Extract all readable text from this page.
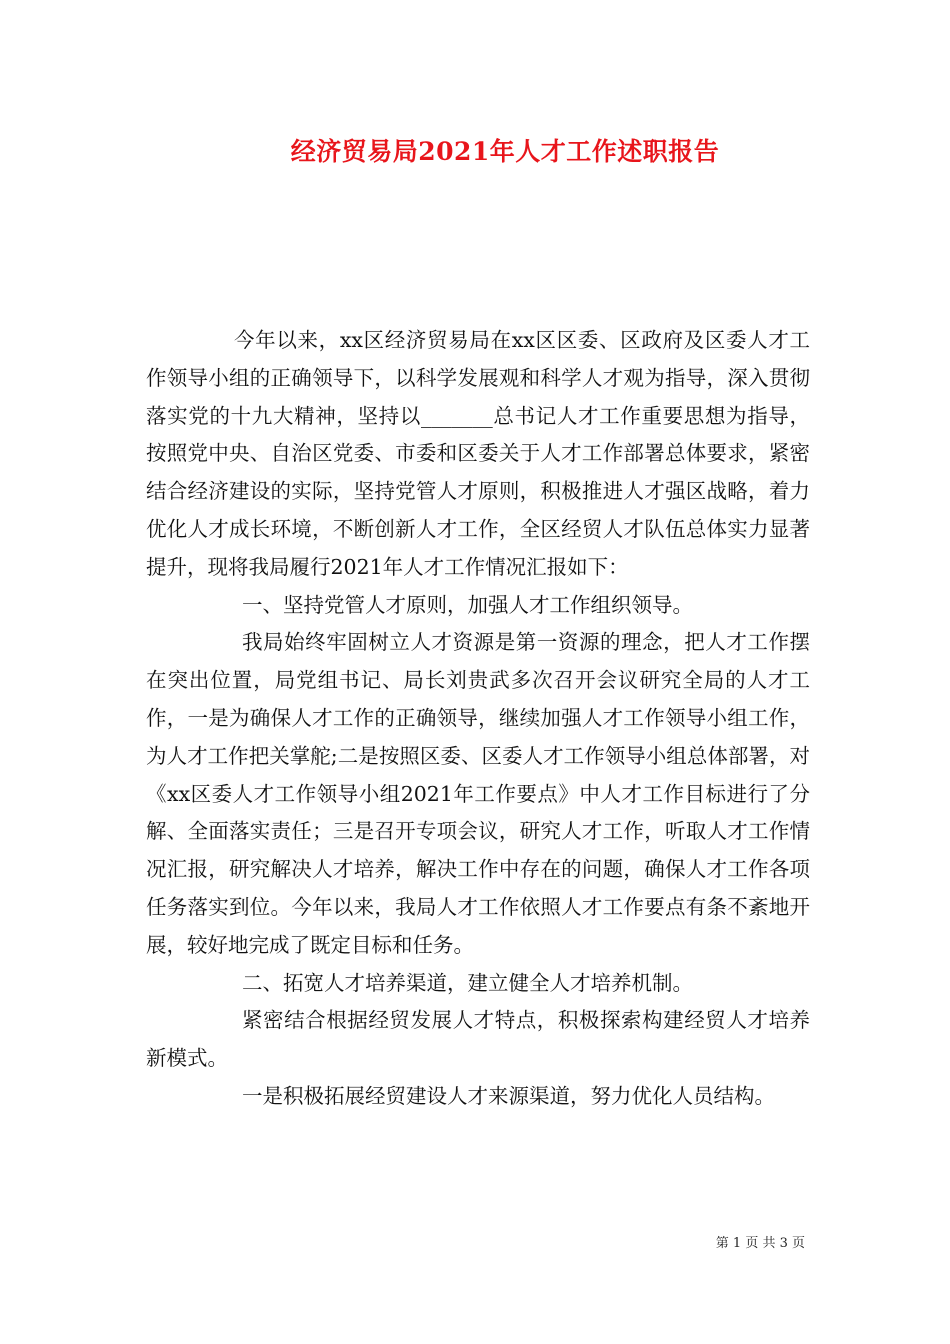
经济贸易局2021年人才工作述职报告

今年以来，xx区经济贸易局在xx区区委、区政府及区委人才工作领导小组的正确领导下，以科学发展观和科学人才观为指导，深入贯彻落实党的十九大精神，坚持以_______总书记人才工作重要思想为指导，按照党中央、自治区党委、市委和区委关于人才工作部署总体要求，紧密结合经济建设的实际，坚持党管人才原则，积极推进人才强区战略，着力优化人才成长环境，不断创新人才工作，全区经贸人才队伍总体实力显著提升，现将我局履行2021年人才工作情况汇报如下：

一、坚持党管人才原则，加强人才工作组织领导。

我局始终牢固树立人才资源是第一资源的理念，把人才工作摆在突出位置，局党组书记、局长刘贵武多次召开会议研究全局的人才工作，一是为确保人才工作的正确领导，继续加强人才工作领导小组工作，为人才工作把关掌舵;二是按照区委、区委人才工作领导小组总体部署，对《xx区委人才工作领导小组2021年工作要点》中人才工作目标进行了分解、全面落实责任；三是召开专项会议，研究人才工作，听取人才工作情况汇报，研究解决人才培养，解决工作中存在的问题，确保人才工作各项任务落实到位。今年以来，我局人才工作依照人才工作要点有条不紊地开展，较好地完成了既定目标和任务。

二、拓宽人才培养渠道，建立健全人才培养机制。

紧密结合根据经贸发展人才特点，积极探索构建经贸人才培养新模式。

一是积极拓展经贸建设人才来源渠道，努力优化人员结构。

第 1 页 共 3 页
